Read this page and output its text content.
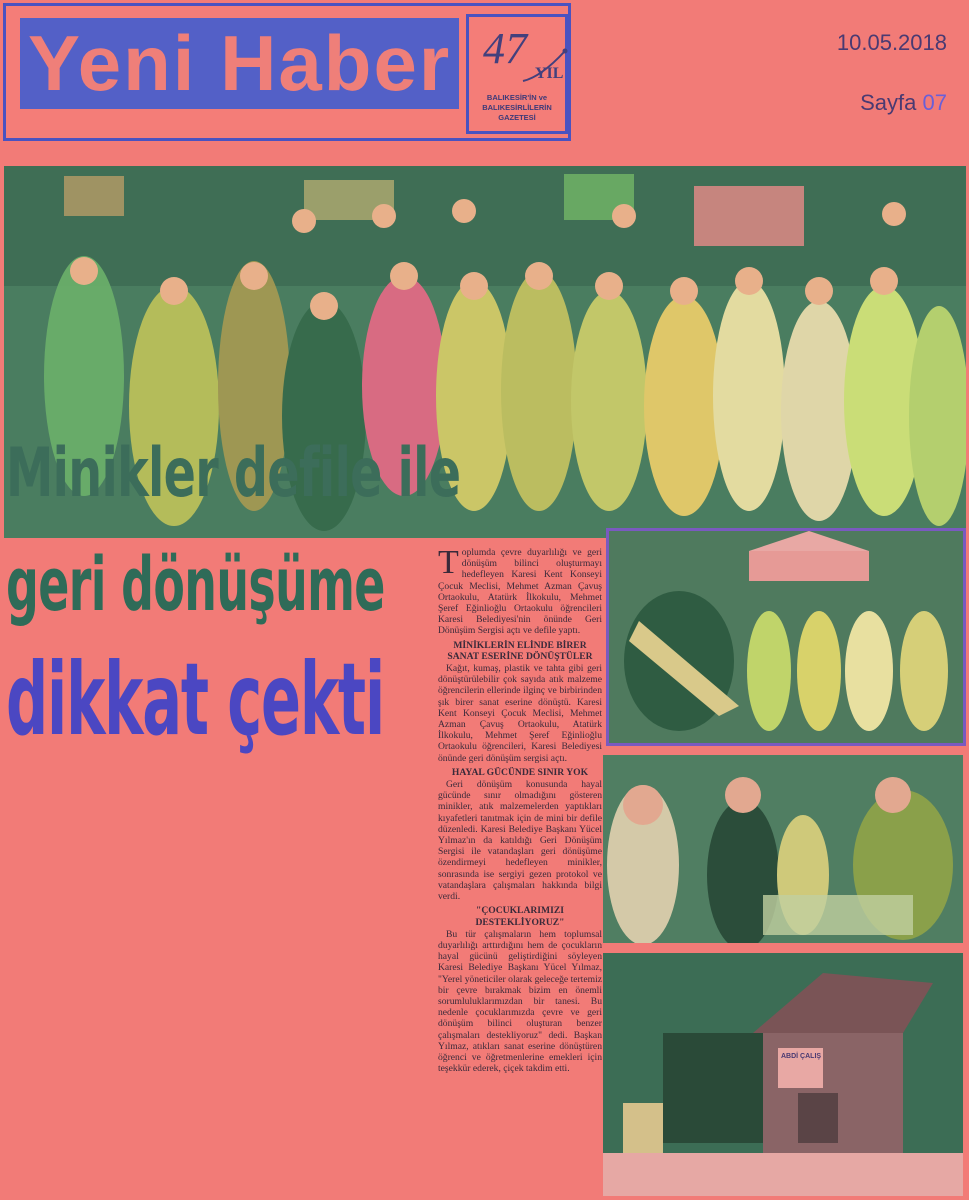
Yeni Haber 47
YIL
BALIKESİR'İN ve BALIKESİRLİLERİN GAZETESİ
10.05.2018
Sayfa 07
Minikler defile ile
geri dönüşüme
dikkat çekti

Toplumda çevre duyarlılığı ve geri dönüşüm bilinci oluşturmayı hedefleyen Karesi Kent Konseyi Çocuk Meclisi, Mehmet Azman Çavuş Ortaokulu, Atatürk İlkokulu, Mehmet Şeref Eğinlioğlu Ortaokulu öğrencileri Karesi Belediyesi'nin önünde Geri Dönüşüm Sergisi açtı ve defile yaptı.

MİNİKLERİN ELİNDE BİRER SANAT ESERİNE DÖNÜŞTÜLER

Kağıt, kumaş, plastik ve tahta gibi geri dönüştürülebilir çok sayıda atık malzeme öğrencilerin ellerinde ilginç ve birbirinden şık birer sanat eserine dönüştü. Karesi Kent Konseyi Çocuk Meclisi, Mehmet Azman Çavuş Ortaokulu, Atatürk İlkokulu, Mehmet Şeref Eğinlioğlu Ortaokulu öğrencileri, Karesi Belediyesi önünde geri dönüşüm sergisi açtı.

HAYAL GÜCÜNDE SINIR YOK

Geri dönüşüm konusunda hayal gücünde sınır olmadığını gösteren minikler, atık malzemelerden yaptıkları kıyafetleri tanıtmak için de mini bir defile düzenledi. Karesi Belediye Başkanı Yücel Yılmaz'ın da katıldığı Geri Dönüşüm Sergisi ile vatandaşları geri dönüşüme özendirmeyi hedefleyen minikler, sonrasında ise sergiyi gezen protokol ve vatandaşlara çalışmaları hakkında bilgi verdi.

"ÇOCUKLARIMIZI DESTEKLİYORUZ"

Bu tür çalışmaların hem toplumsal duyarlılığı arttırdığını hem de çocukların hayal gücünü geliştirdiğini söyleyen Karesi Belediye Başkanı Yücel Yılmaz, "Yerel yöneticiler olarak geleceğe tertemiz bir çevre bırakmak bizim en önemli sorumluluklarımızdan bir tanesi. Bu nedenle çocuklarımızda çevre ve geri dönüşüm bilinci oluşturan benzer çalışmaları destekliyoruz" dedi. Başkan Yılmaz, atıkları sanat eserine dönüştüren öğrenci ve öğretmenlerine emekleri için teşekkür ederek, çiçek takdim etti.

ABDİ ÇALIŞ
